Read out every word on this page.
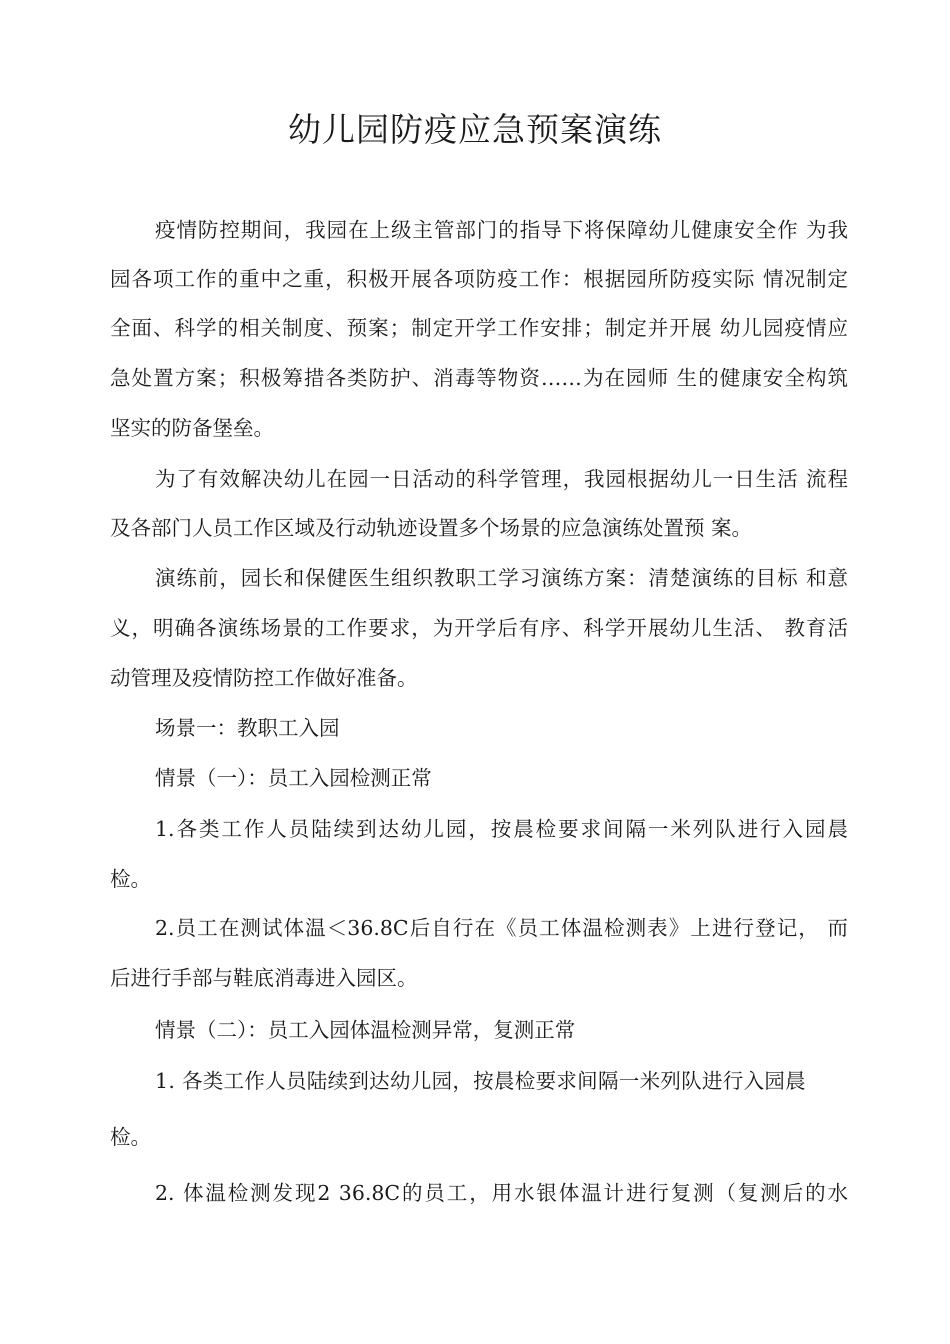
幼儿园防疫应急预案演练
疫情防控期间，我园在上级主管部门的指导下将保障幼儿健康安全作 为我
园各项工作的重中之重，积极开展各项防疫工作：根据园所防疫实际 情况制定
全面、科学的相关制度、预案；制定开学工作安排；制定并开展 幼儿园疫情应
急处置方案；积极筹措各类防护、消毒等物资……为在园师 生的健康安全构筑
坚实的防备堡垒。
为了有效解决幼儿在园一日活动的科学管理，我园根据幼儿一日生活 流程
及各部门人员工作区域及行动轨迹设置多个场景的应急演练处置预 案。
演练前，园长和保健医生组织教职工学习演练方案：清楚演练的目标 和意
义，明确各演练场景的工作要求，为开学后有序、科学开展幼儿生活、 教育活
动管理及疫情防控工作做好准备。
场景一：教职工入园
情景（一）：员工入园检测正常
1.各类工作人员陆续到达幼儿园，按晨检要求间隔一米列队进行入园晨
检。
2.员工在测试体温＜36.8C后自行在《员工体温检测表》上进行登记， 而
后进行手部与鞋底消毒进入园区。
情景（二）：员工入园体温检测异常，复测正常
1. 各类工作人员陆续到达幼儿园，按晨检要求间隔一米列队进行入园晨
检。
2. 体温检测发现2 36.8C的员工，用水银体温计进行复测（复测后的水
